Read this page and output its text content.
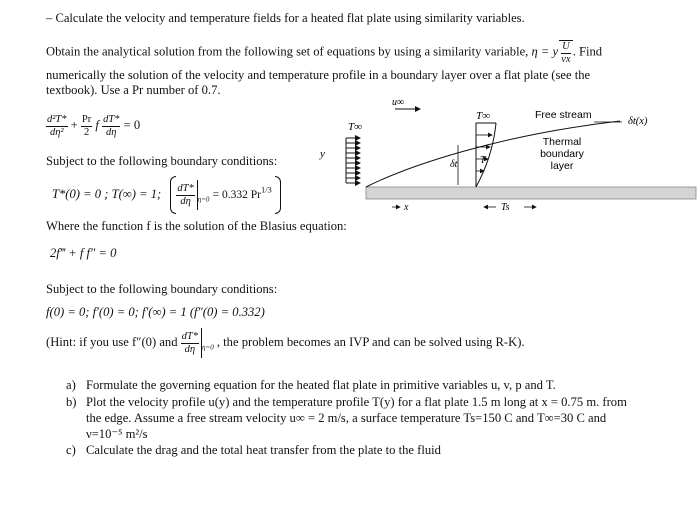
– Calculate the velocity and temperature fields for a heated flat plate using similarity variables.
Obtain the analytical solution from the following set of equations by using a similarity variable, η = y $\frac{U}{\nu x}$ . Find
numerically the solution of the velocity and temperature profile in a boundary layer over a flat plate (see the
textbook). Use a Pr number of 0.7.
$\frac{\text{d²T*}}{\text{dη²}} + \frac{Pr}{2}$ f $\frac{dT*}{d\eta} = 0$
Subject to the following boundary conditions:
T*(0) = 0 ; T(∞) = 1; $\frac{dT*}{d\eta} _{\eta=0} = 0.332$ $Pr^{1/3}$
Where the function f is the solution of the Blasius equation:
2f‴ + f f″ = 0
Subject to the following boundary conditions:
f(0) = 0; f′(0) = 0; f′(∞) = 1 (f″(0) = 0.332)
(Hint: if you use f″(0) and $\frac{dT*}{d\eta} _{\eta=0}$ , the problem becomes an IVP and can be solved using R-K).
a) Formulate the governing equation for the heated flat plate in primitive variables u, v, p and T.
b) Plot the velocity profile u(y) and the temperature profile T(y) for a flat plate 1.5 m long at x = 0.75 m. from
the edge. Assume a free stream velocity u∞ = 2 m/s, a surface temperature Ts=150 C and T∞=30 C and
ν=10⁻⁵ m²/s
c) Calculate the drag and the total heat transfer from the plate to the fluid
u∞
T∞
y
T∞
T
δt
Free stream
δt(x)
Thermal
boundary
layer
x	Ts
